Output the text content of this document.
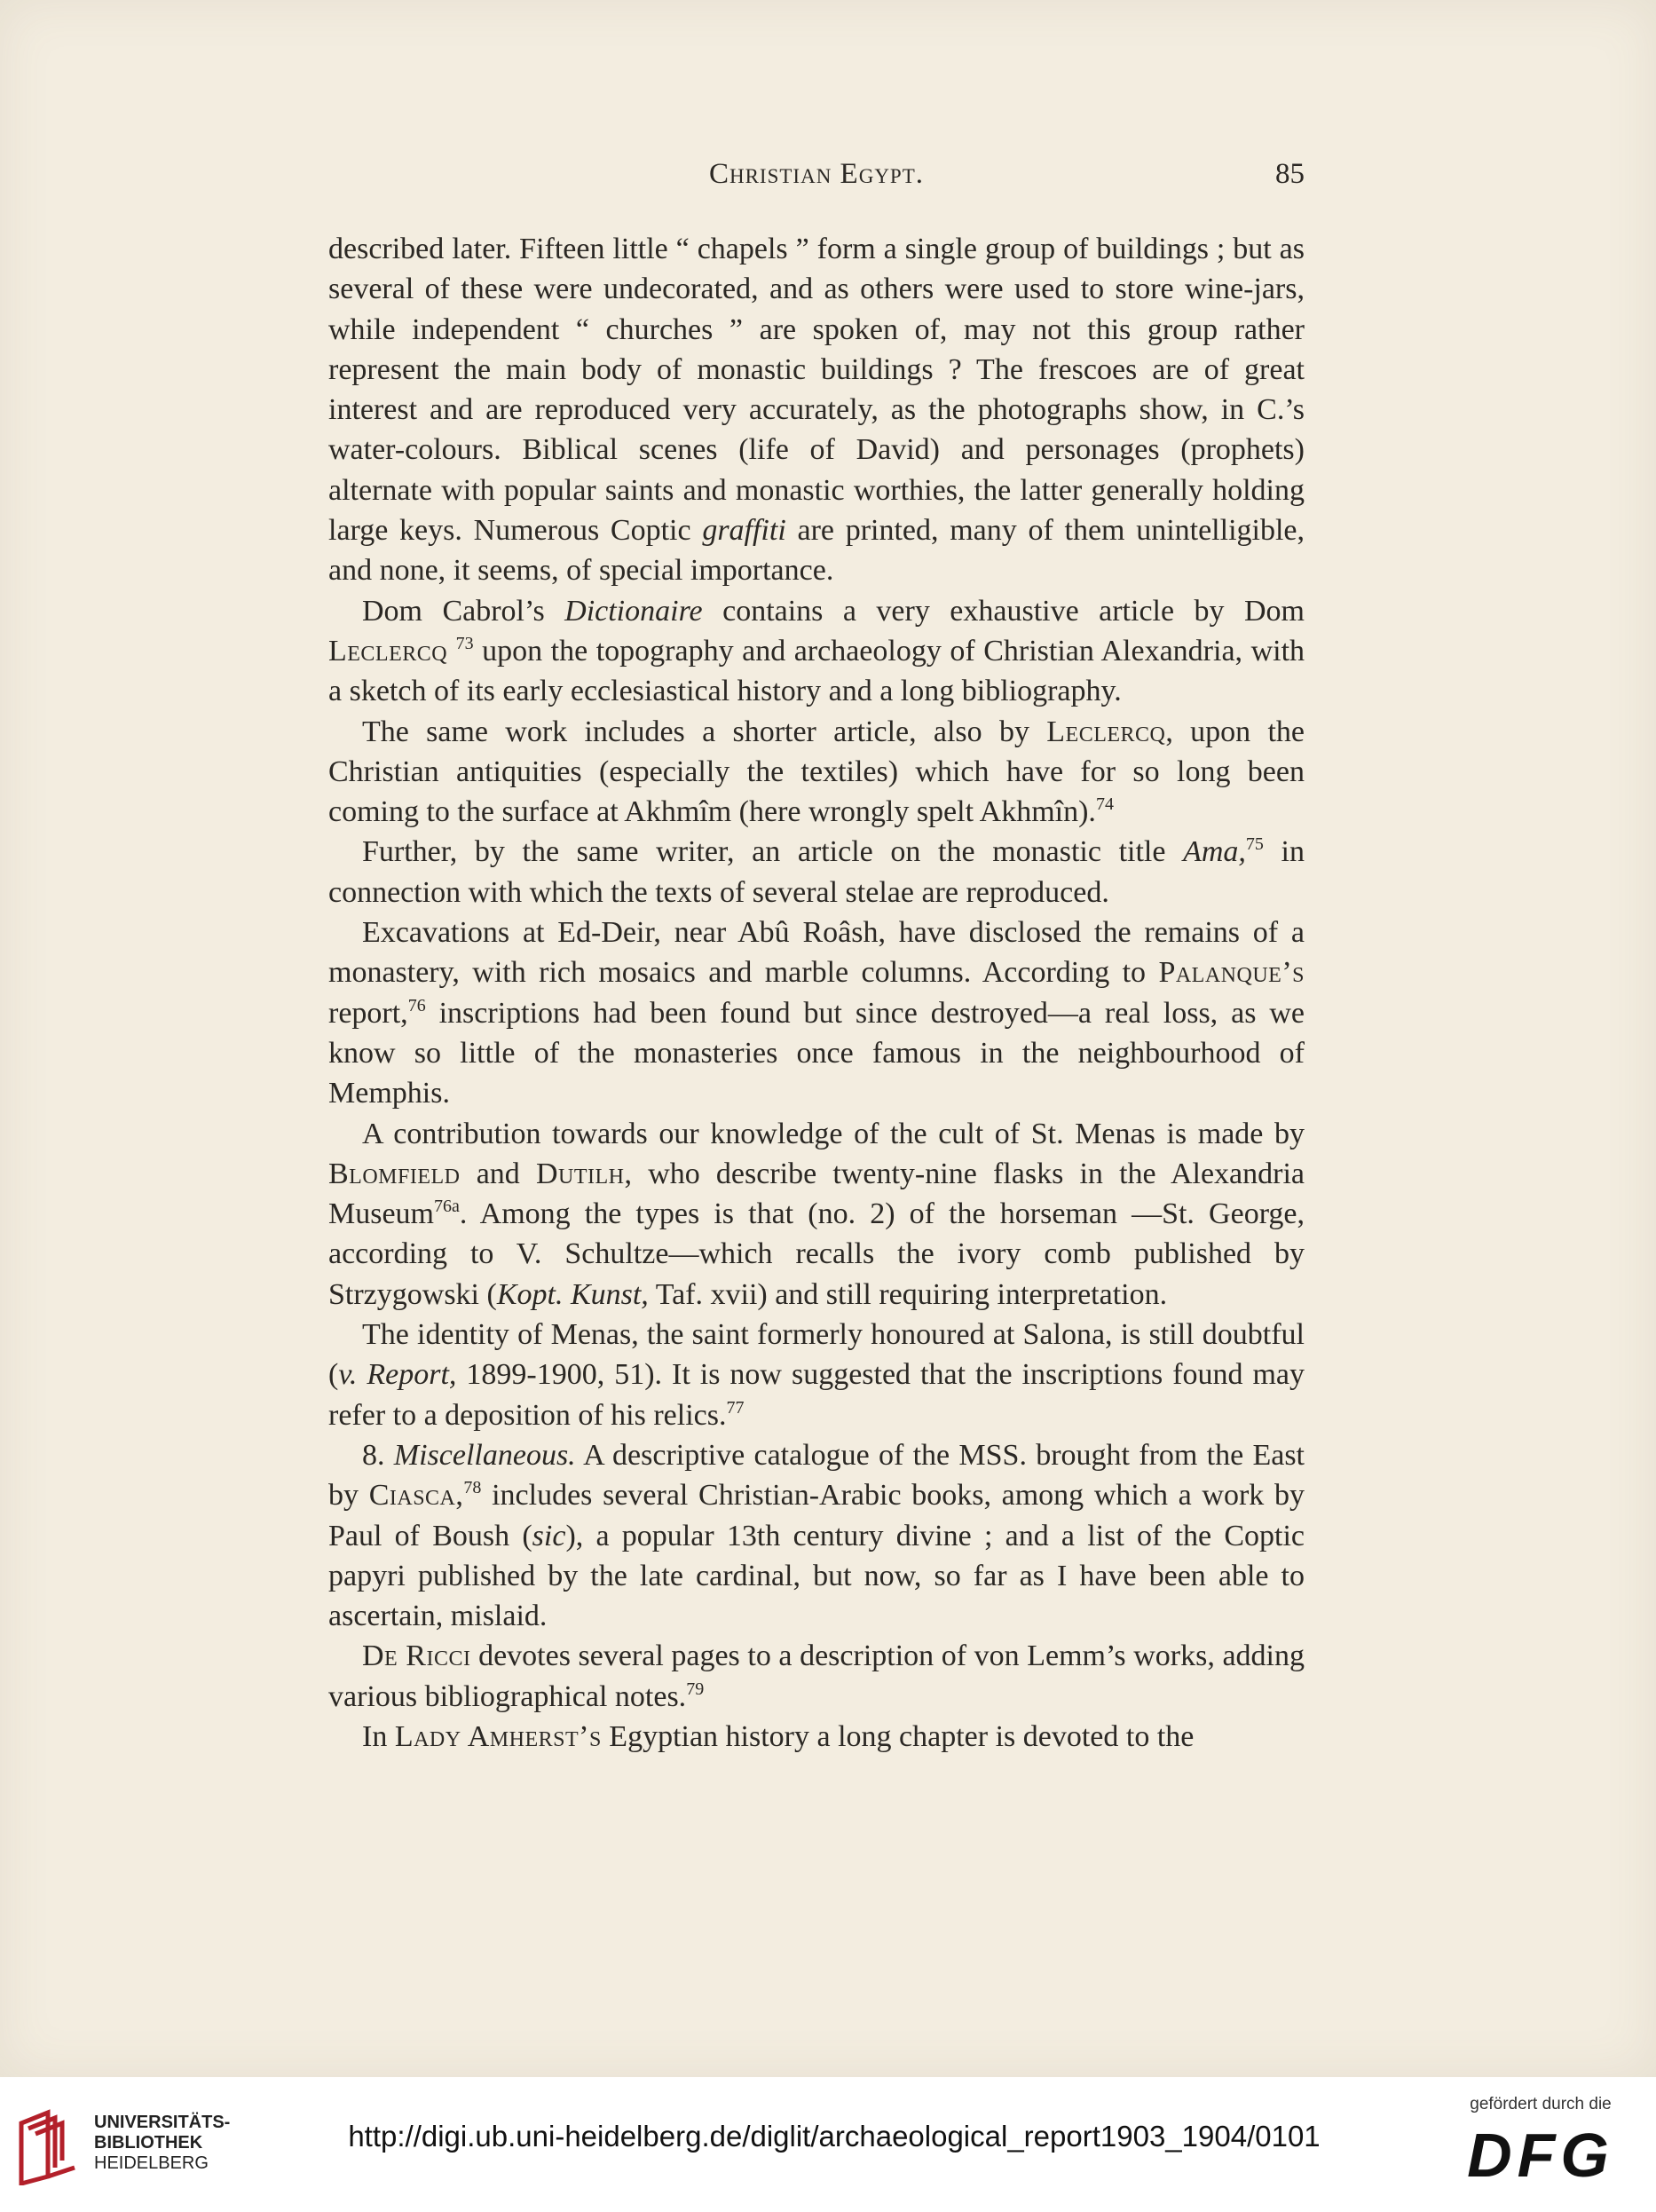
Christian Egypt.	85

described later. Fifteen little “ chapels ” form a single group of buildings ; but as several of these were undecorated, and as others were used to store wine-jars, while independent “ churches ” are spoken of, may not this group rather represent the main body of monastic buildings ? The frescoes are of great interest and are reproduced very accurately, as the photographs show, in C.’s water-colours. Biblical scenes (life of David) and personages (prophets) alternate with popular saints and monastic worthies, the latter generally holding large keys. Numerous Coptic graffiti are printed, many of them unintelligible, and none, it seems, of special importance.

Dom Cabrol’s Dictionaire contains a very exhaustive article by Dom Leclercq $^{73}$ upon the topography and archaeology of Christian Alexandria, with a sketch of its early ecclesiastical history and a long bibliography.

The same work includes a shorter article, also by Leclercq, upon the Christian antiquities (especially the textiles) which have for so long been coming to the surface at Akhmîm (here wrongly spelt Akhmîn).$^{74}$

Further, by the same writer, an article on the monastic title Ama,$^{75}$ in connection with which the texts of several stelae are reproduced.

Excavations at Ed-Deir, near Abû Roâsh, have disclosed the remains of a monastery, with rich mosaics and marble columns. According to Palanque’s report,$^{76}$ inscriptions had been found but since destroyed—a real loss, as we know so little of the monasteries once famous in the neighbourhood of Memphis.

A contribution towards our knowledge of the cult of St. Menas is made by Blomfield and Dutilh, who describe twenty-nine flasks in the Alexandria Museum$^{76a}$. Among the types is that (no. 2) of the horseman —St. George, according to V. Schultze—which recalls the ivory comb published by Strzygowski (Kopt. Kunst, Taf. xvii) and still requiring interpretation.

The identity of Menas, the saint formerly honoured at Salona, is still doubtful (v. Report, 1899-1900, 51). It is now suggested that the inscriptions found may refer to a deposition of his relics.$^{77}$

8. Miscellaneous. A descriptive catalogue of the MSS. brought from the East by Ciasca,$^{78}$ includes several Christian-Arabic books, among which a work by Paul of Boush (sic), a popular 13th century divine ; and a list of the Coptic papyri published by the late cardinal, but now, so far as I have been able to ascertain, mislaid.

De Ricci devotes several pages to a description of von Lemm’s works, adding various bibliographical notes.$^{79}$

In Lady Amherst’s Egyptian history a long chapter is devoted to the

UNIVERSITÄTS-
BIBLIOTHEK
HEIDELBERG
http://digi.ub.uni-heidelberg.de/diglit/archaeological_report1903_1904/0101
gefördert durch die
DFG
